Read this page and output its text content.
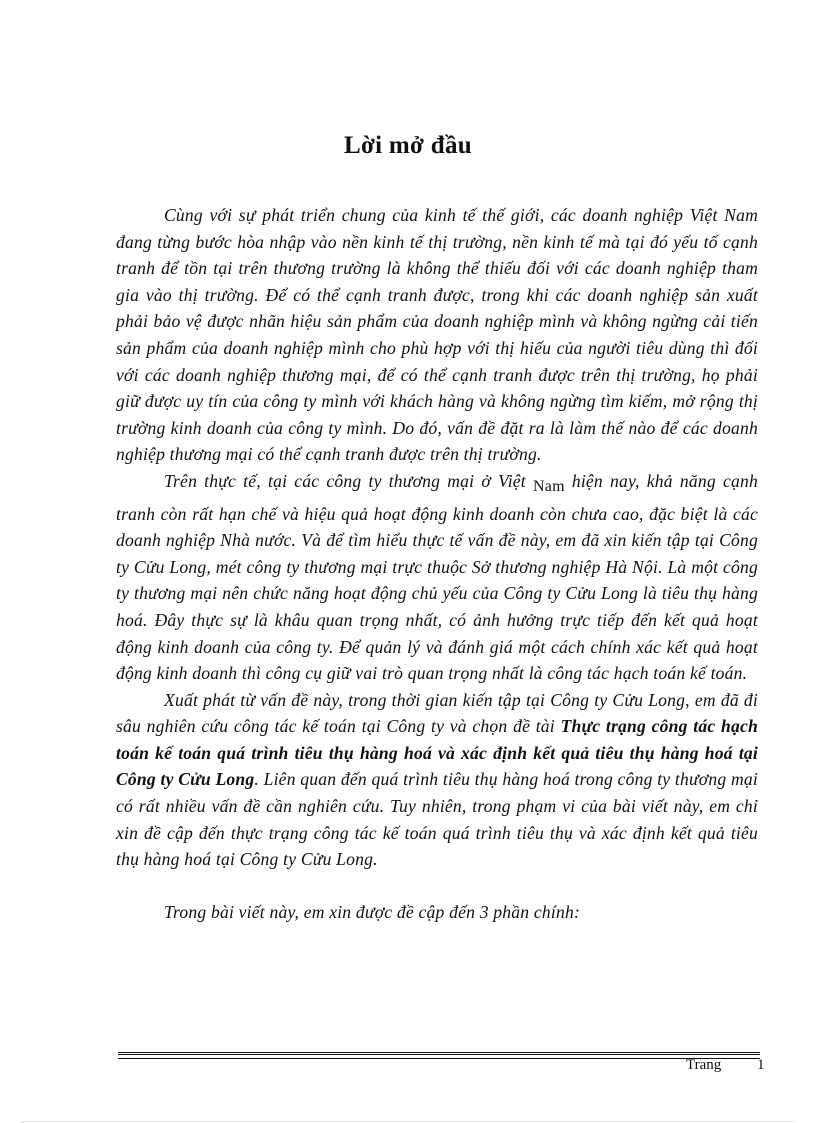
Lời mở đầu

Cùng với sự phát triển chung của kinh tế thế giới, các doanh nghiệp Việt Nam đang từng bước hòa nhập vào nền kinh tế thị trường, nền kinh tế mà tại đó yếu tố cạnh tranh để tồn tại trên thương trường là không thể thiếu đối với các doanh nghiệp tham gia vào thị trường. Để có thể cạnh tranh được, trong khi các doanh nghiệp sản xuất phải bảo vệ được nhãn hiệu sản phẩm của doanh nghiệp mình và không ngừng cải tiến sản phẩm của doanh nghiệp mình cho phù hợp với thị hiếu của người tiêu dùng thì đối với các doanh nghiệp thương mại, để có thể cạnh tranh được trên thị trường, họ phải giữ được uy tín của công ty mình với khách hàng và không ngừng tìm kiếm, mở rộng thị trường kinh doanh của công ty mình. Do đó, vấn đề đặt ra là làm thế nào để các doanh nghiệp thương mại có thể cạnh tranh được trên thị trường.

Trên thực tế, tại các công ty thương mại ở Việt Nam hiện nay, khả năng cạnh tranh còn rất hạn chế và hiệu quả hoạt động kinh doanh còn chưa cao, đặc biệt là các doanh nghiệp Nhà nước. Và để tìm hiểu thực tế vấn đề này, em đã xin kiến tập tại Công ty Cửu Long, mét công ty thương mại trực thuộc Sở thương nghiệp Hà Nội. Là một công ty thương mại nên chức năng hoạt động chủ yếu của Công ty Cửu Long là tiêu thụ hàng hoá. Đây thực sự là khâu quan trọng nhất, có ảnh hưởng trực tiếp đến kết quả hoạt động kinh doanh của công ty. Để quản lý và đánh giá một cách chính xác kết quả hoạt động kinh doanh thì công cụ giữ vai trò quan trọng nhất là công tác hạch toán kế toán.

Xuất phát từ vấn đề này, trong thời gian kiến tập tại Công ty Cửu Long, em đã đi sâu nghiên cứu công tác kế toán tại Công ty và chọn đề tài Thực trạng công tác hạch toán kế toán quá trình tiêu thụ hàng hoá và xác định kết quả tiêu thụ hàng hoá tại Công ty Cửu Long. Liên quan đến quá trình tiêu thụ hàng hoá trong công ty thương mại có rất nhiều vấn đề cần nghiên cứu. Tuy nhiên, trong phạm vi của bài viết này, em chỉ xin đề cập đến thực trạng công tác kế toán quá trình tiêu thụ và xác định kết quả tiêu thụ hàng hoá tại Công ty Cửu Long.

Trong bài viết này, em xin được đề cập đến 3 phần chính:

Trang 1
